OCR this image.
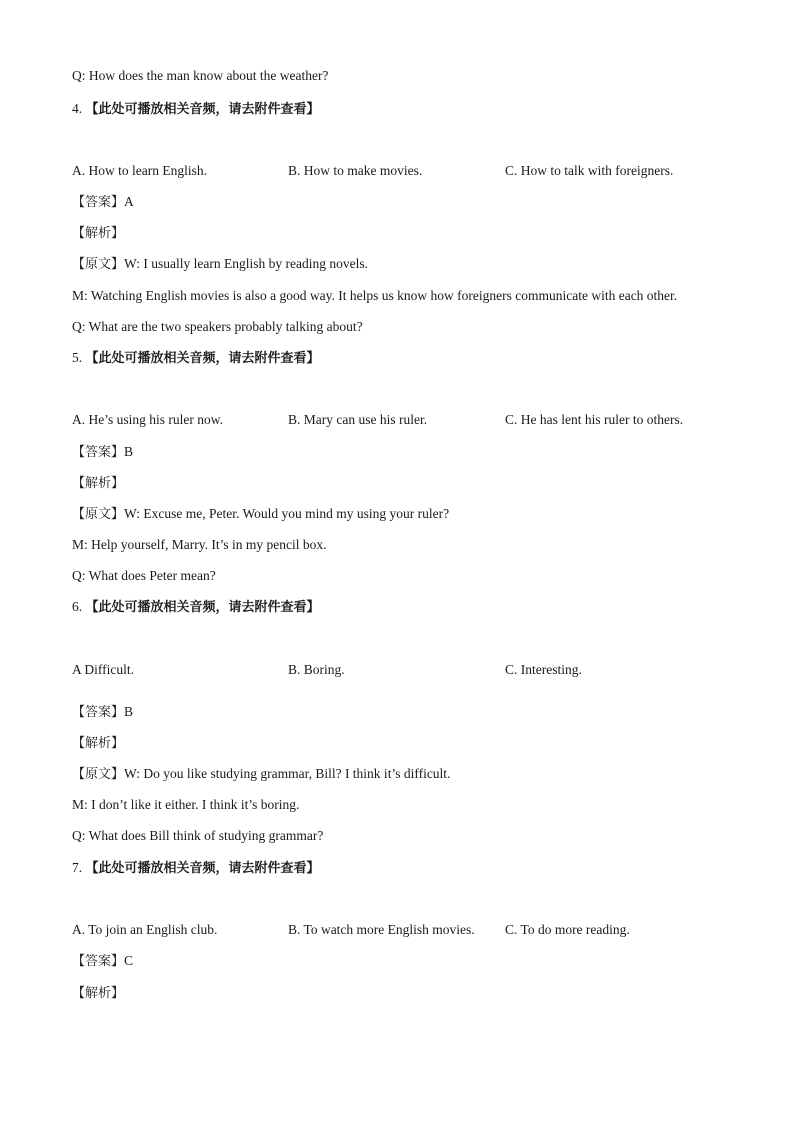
Q: How does the man know about the weather?
4. 【此处可播放相关音频，请去附件查看】
A. How to learn English.	B. How to make movies.	C. How to talk with foreigners.
【答案】A
【解析】
【原文】W: I usually learn English by reading novels.
M: Watching English movies is also a good way. It helps us know how foreigners communicate with each other.
Q: What are the two speakers probably talking about?
5. 【此处可播放相关音频，请去附件查看】
A. He’s using his ruler now.	B. Mary can use his ruler.	C. He has lent his ruler to others.
【答案】B
【解析】
【原文】W: Excuse me, Peter. Would you mind my using your ruler?
M: Help yourself, Marry. It’s in my pencil box.
Q: What does Peter mean?
6. 【此处可播放相关音频，请去附件查看】
A Difficult.	B. Boring.	C. Interesting.
【答案】B
【解析】
【原文】W: Do you like studying grammar, Bill? I think it’s difficult.
M: I don’t like it either. I think it’s boring.
Q: What does Bill think of studying grammar?
7. 【此处可播放相关音频，请去附件查看】
A. To join an English club.	B. To watch more English movies. C. To do more reading.
【答案】C
【解析】
